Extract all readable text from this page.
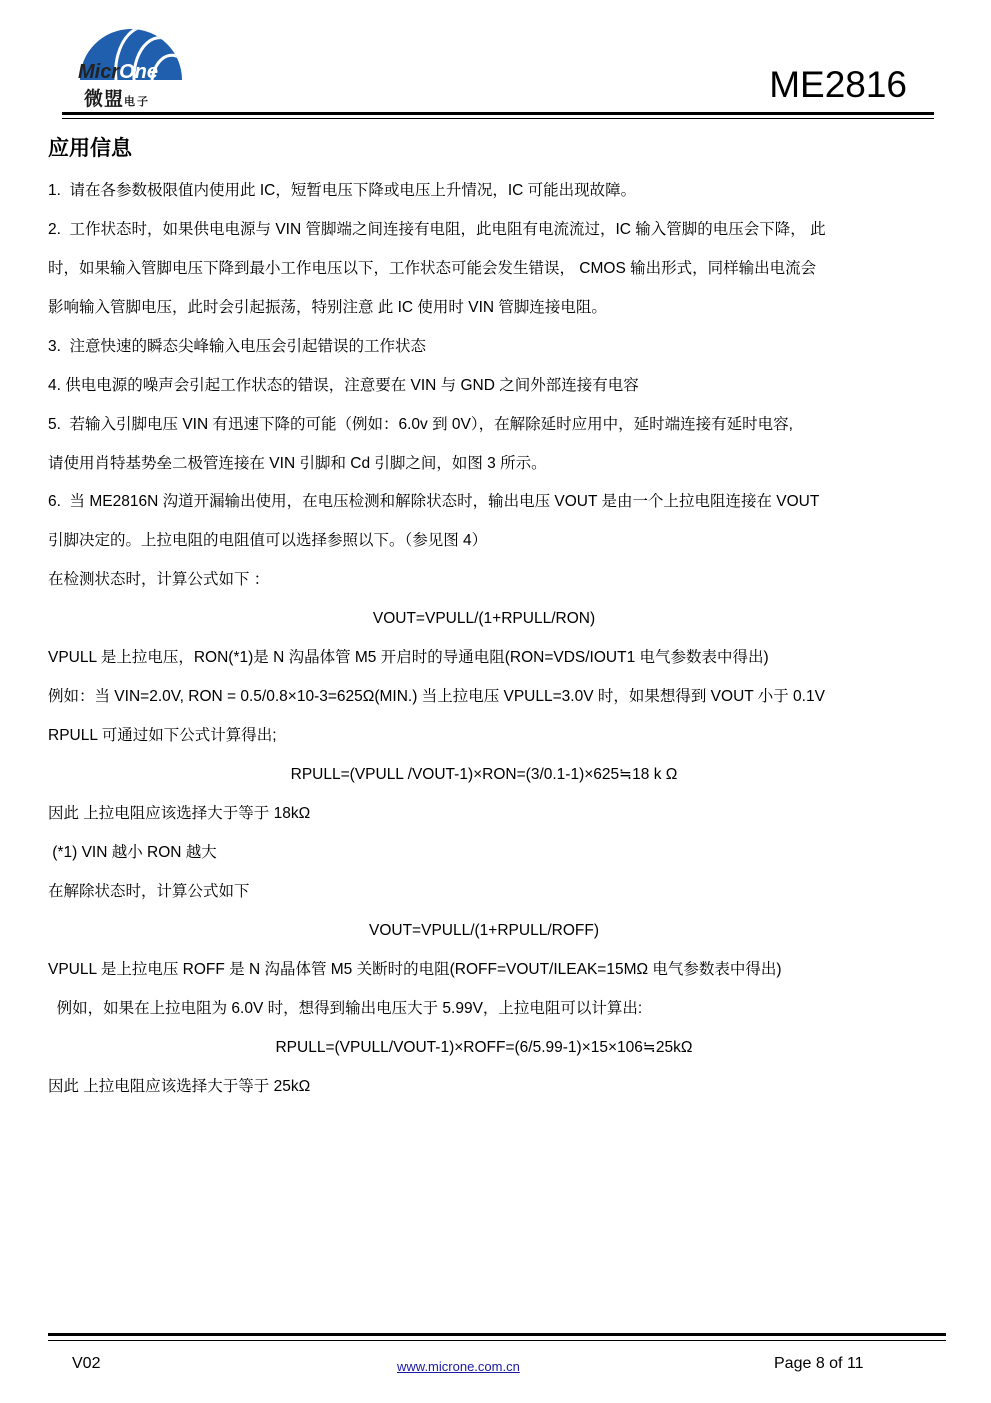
MicrOne
微盟电子	ME2816
应用信息
1.  请在各参数极限值内使用此 IC，短暂电压下降或电压上升情况，IC 可能出现故障。
2.  工作状态时，如果供电电源与 VIN 管脚端之间连接有电阻，此电阻有电流流过，IC 输入管脚的电压会下降， 此
时，如果输入管脚电压下降到最小工作电压以下，工作状态可能会发生错误， CMOS 输出形式，同样输出电流会
影响输入管脚电压，此时会引起振荡，特别注意 此 IC 使用时 VIN 管脚连接电阻。
3.  注意快速的瞬态尖峰输入电压会引起错误的工作状态
4. 供电电源的噪声会引起工作状态的错误，注意要在 VIN 与 GND 之间外部连接有电容
5.  若输入引脚电压 VIN 有迅速下降的可能（例如：6.0v 到 0V），在解除延时应用中，延时端连接有延时电容,
请使用肖特基势垒二极管连接在 VIN 引脚和 Cd 引脚之间，如图 3 所示。
6.  当 ME2816N 沟道开漏输出使用，在电压检测和解除状态时，输出电压 VOUT 是由一个上拉电阻连接在 VOUT
引脚决定的。上拉电阻的电阻值可以选择参照以下。（参见图 4）
在检测状态时，计算公式如下 ：
VOUT=VPULL/(1+RPULL/RON)
VPULL 是上拉电压，RON(*1)是 N 沟晶体管 M5 开启时的导通电阻(RON=VDS/IOUT1 电气参数表中得出)
例如：当 VIN=2.0V, RON = 0.5/0.8×10-3=625Ω(MIN.) 当上拉电压 VPULL=3.0V 时，如果想得到 VOUT 小于 0.1V
RPULL 可通过如下公式计算得出;
RPULL=(VPULL /VOUT-1)×RON=(3/0.1-1)×625≒18 k Ω
因此 上拉电阻应该选择大于等于 18kΩ
(*1) VIN 越小 RON 越大
在解除状态时，计算公式如下
VOUT=VPULL/(1+RPULL/ROFF)
VPULL 是上拉电压 ROFF 是 N 沟晶体管 M5 关断时的电阻(ROFF=VOUT/ILEAK=15MΩ 电气参数表中得出)
例如，如果在上拉电阻为 6.0V 时，想得到输出电压大于 5.99V，上拉电阻可以计算出:
RPULL=(VPULL/VOUT-1)×ROFF=(6/5.99-1)×15×106≒25kΩ
因此 上拉电阻应该选择大于等于 25kΩ
V02	www.microne.com.cn	Page 8 of 11
